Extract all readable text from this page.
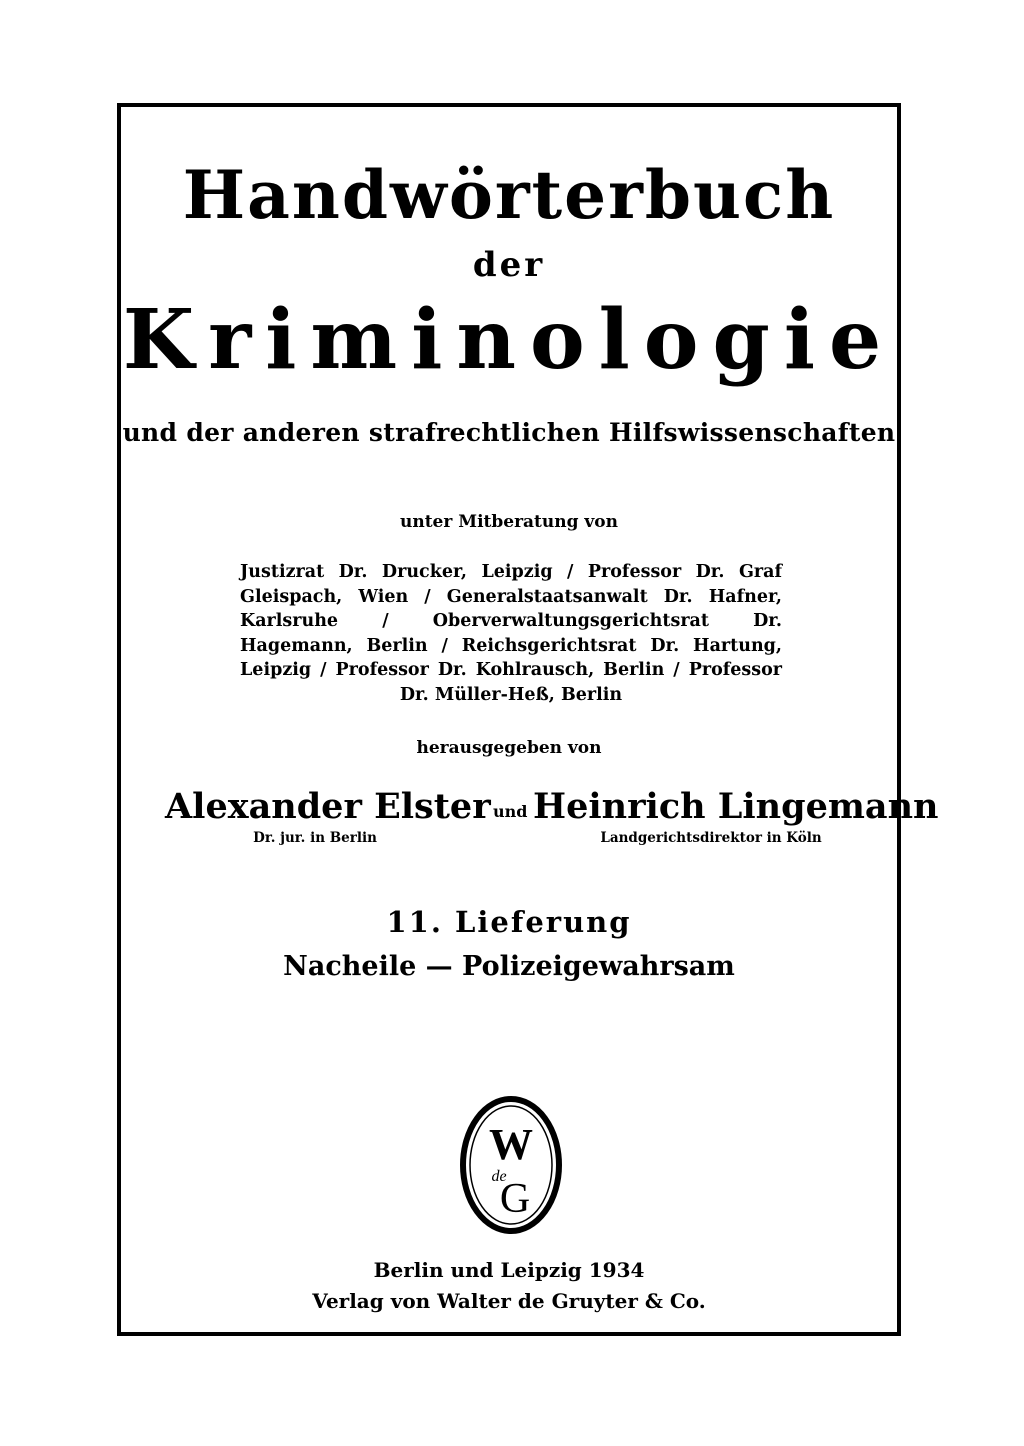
Handwörterbuch
der
Kriminologie
und der anderen strafrechtlichen Hilfswissenschaften
unter Mitberatung von
Justizrat Dr. Drucker, Leipzig / Professor Dr. Graf Gleispach, Wien / Generalstaatsanwalt Dr. Hafner, Karlsruhe / Oberverwaltungsgerichtsrat Dr. Hagemann, Berlin / Reichsgerichtsrat Dr. Hartung, Leipzig / Professor Dr. Kohlrausch, Berlin / Professor Dr. Müller-Heß, Berlin
herausgegeben von
Alexander Elster
Dr. jur. in Berlin
und Heinrich Lingemann
Landgerichtsdirektor in Köln
11. Lieferung
Nacheile — Polizeigewahrsam
W
de
G
Berlin und Leipzig 1934
Verlag von Walter de Gruyter & Co.
